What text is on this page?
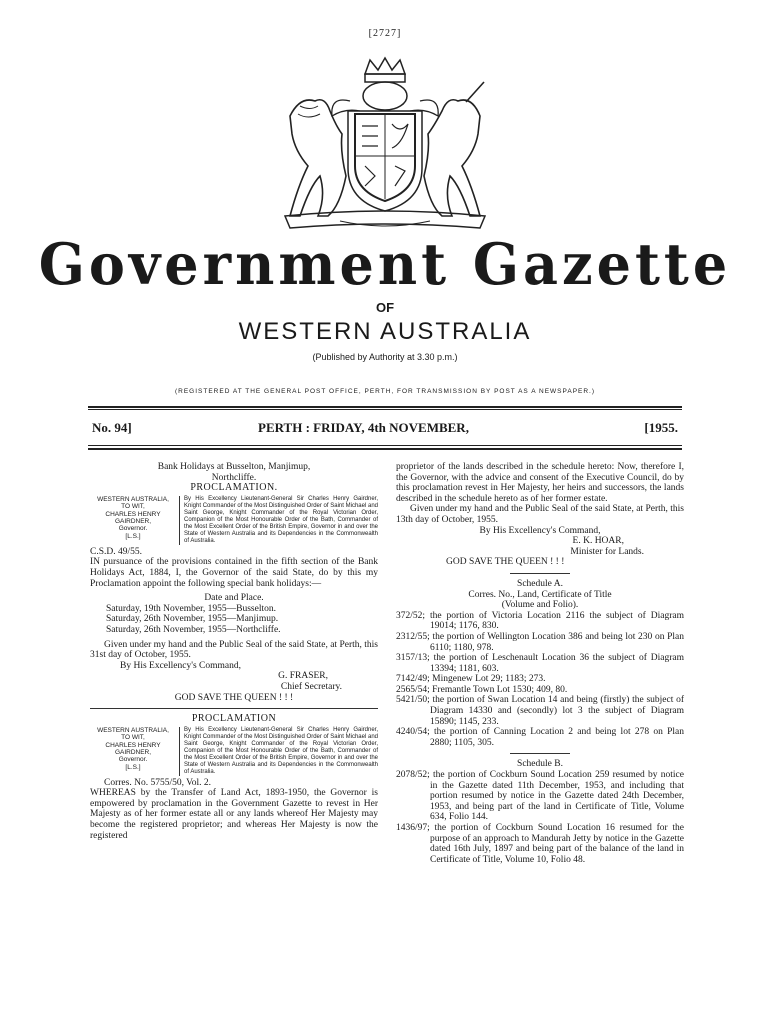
[2727]
Government Gazette
OF
WESTERN AUSTRALIA
(Published by Authority at 3.30 p.m.)
(REGISTERED AT THE GENERAL POST OFFICE, PERTH, FOR TRANSMISSION BY POST AS A NEWSPAPER.)
No. 94]	PERTH : FRIDAY, 4th NOVEMBER,	[1955.

Bank Holidays at Busselton, Manjimup,

Northcliffe.

PROCLAMATION.

WESTERN AUSTRALIA,
TO WIT,
CHARLES HENRY
GAIRDNER,
Governor.
[L.S.]
By His Excellency Lieutenant-General Sir Charles Henry Gairdner, Knight Commander of the Most Distinguished Order of Saint Michael and Saint George, Knight Commander of the Royal Victorian Order, Companion of the Most Honourable Order of the Bath, Commander of the Most Excellent Order of the British Empire, Governor in and over the State of Western Australia and its Dependencies in the Commonwealth of Australia.

C.S.D. 49/55.

IN pursuance of the provisions contained in the fifth section of the Bank Holidays Act, 1884, I, the Governor of the said State, do by this my Proclamation appoint the following special bank holidays:—

Date and Place.

Saturday, 19th November, 1955—Busselton.

Saturday, 26th November, 1955—Manjimup.

Saturday, 26th November, 1955—Northcliffe.

Given under my hand and the Public Seal of the said State, at Perth, this 31st day of October, 1955.

By His Excellency's Command,

G. FRASER,

Chief Secretary.

GOD SAVE THE QUEEN ! ! !

PROCLAMATION

WESTERN AUSTRALIA,
TO WIT,
CHARLES HENRY
GAIRDNER,
Governor.
[L.S.]
By His Excellency Lieutenant-General Sir Charles Henry Gairdner, Knight Commander of the Most Distinguished Order of Saint Michael and Saint George, Knight Commander of the Royal Victorian Order, Companion of the Most Honourable Order of the Bath, Commander of the Most Excellent Order of the British Empire, Governor in and over the State of Western Australia and its Dependencies in the Commonwealth of Australia.

Corres. No. 5755/50, Vol. 2.

WHEREAS by the Transfer of Land Act, 1893-1950, the Governor is empowered by proclamation in the Government Gazette to revest in Her Majesty as of her former estate all or any lands whereof Her Majesty may become the registered proprietor; and whereas Her Majesty is now the registered

proprietor of the lands described in the schedule hereto: Now, therefore I, the Governor, with the advice and consent of the Executive Council, do by this proclamation revest in Her Majesty, her heirs and successors, the lands described in the schedule hereto as of her former estate.

Given under my hand and the Public Seal of the said State, at Perth, this 13th day of October, 1955.

By His Excellency's Command,

E. K. HOAR,

Minister for Lands.

GOD SAVE THE QUEEN ! ! !

Schedule A.

Corres. No., Land, Certificate of Title

(Volume and Folio).

372/52; the portion of Victoria Location 2116 the subject of Diagram 19014; 1176, 830.

2312/55; the portion of Wellington Location 386 and being lot 230 on Plan 6110; 1180, 978.

3157/13; the portion of Leschenault Location 36 the subject of Diagram 13394; 1181, 603.

7142/49; Mingenew Lot 29; 1183; 273.

2565/54; Fremantle Town Lot 1530; 409, 80.

5421/50; the portion of Swan Location 14 and being (firstly) the subject of Diagram 14330 and (secondly) lot 3 the subject of Diagram 15890; 1145, 233.

4240/54; the portion of Canning Location 2 and being lot 278 on Plan 2880; 1105, 305.

Schedule B.

2078/52; the portion of Cockburn Sound Location 259 resumed by notice in the Gazette dated 11th December, 1953, and including that portion resumed by notice in the Gazette dated 24th December, 1953, and being part of the land in Certificate of Title, Volume 634, Folio 144.

1436/97; the portion of Cockburn Sound Location 16 resumed for the purpose of an approach to Mandurah Jetty by notice in the Gazette dated 16th July, 1897 and being part of the balance of the land in Certificate of Title, Volume 10, Folio 48.
